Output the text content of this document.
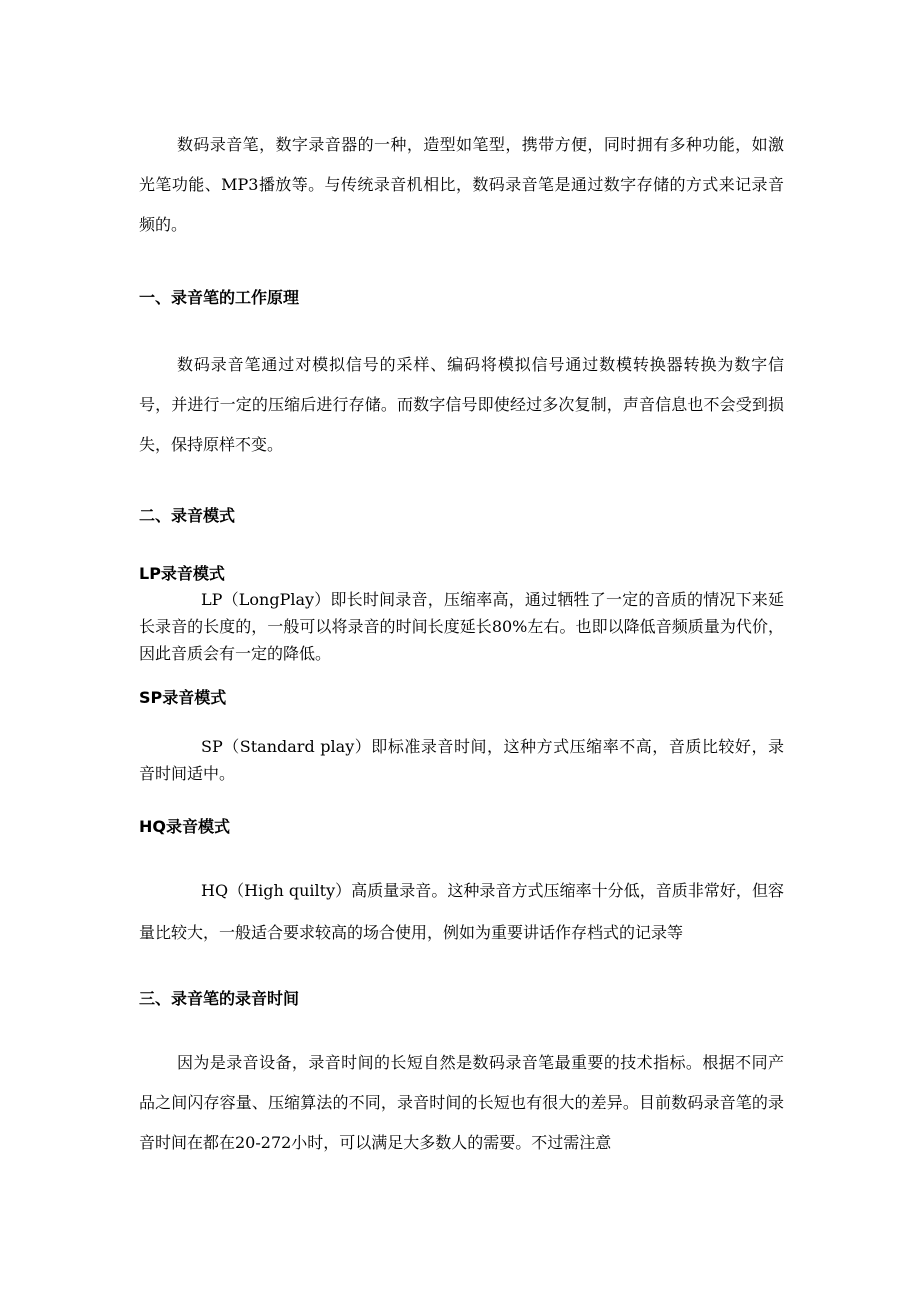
数码录音笔，数字录音器的一种，造型如笔型，携带方便，同时拥有多种功能，如激光笔功能、MP3播放等。与传统录音机相比，数码录音笔是通过数字存储的方式来记录音频的。

一、录音笔的工作原理

数码录音笔通过对模拟信号的采样、编码将模拟信号通过数模转换器转换为数字信号，并进行一定的压缩后进行存储。而数字信号即使经过多次复制，声音信息也不会受到损失，保持原样不变。

二、录音模式
LP录音模式

LP（LongPlay）即长时间录音，压缩率高，通过牺牲了一定的音质的情况下来延长录音的长度的，一般可以将录音的时间长度延长80%左右。也即以降低音频质量为代价，因此音质会有一定的降低。

SP录音模式

SP（Standard play）即标准录音时间，这种方式压缩率不高，音质比较好，录音时间适中。

HQ录音模式

HQ（High quilty）高质量录音。这种录音方式压缩率十分低，音质非常好，但容量比较大，一般适合要求较高的场合使用，例如为重要讲话作存档式的记录等

三、录音笔的录音时间

因为是录音设备，录音时间的长短自然是数码录音笔最重要的技术指标。根据不同产品之间闪存容量、压缩算法的不同，录音时间的长短也有很大的差异。目前数码录音笔的录音时间在都在20-272小时，可以满足大多数人的需要。不过需注意
